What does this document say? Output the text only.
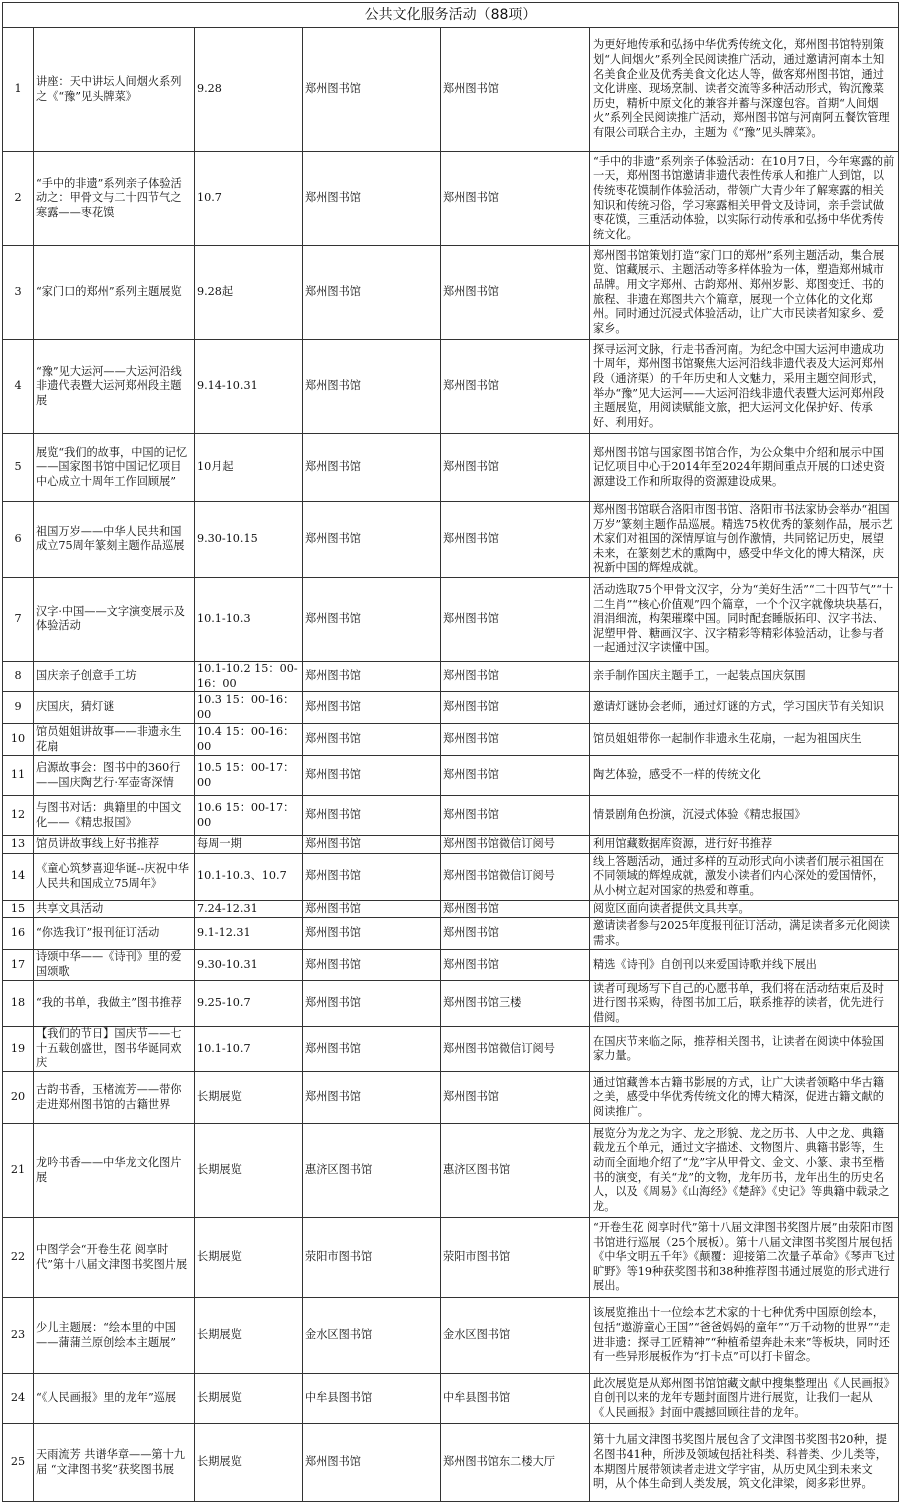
公共文化服务活动（88项）					
1	讲座：天中讲坛人间烟火系列之《“豫”见头牌菜》	9.28	郑州图书馆	郑州图书馆	为更好地传承和弘扬中华优秀传统文化，郑州图书馆特别策划“人间烟火”系列全民阅读推广活动，通过邀请河南本土知名美食企业及优秀美食文化达人等，做客郑州图书馆，通过文化讲座、现场烹制、读者交流等多种活动形式，钩沉豫菜历史，精析中原文化的兼容并蓄与深邃包容。首期“人间烟火”系列全民阅读推广活动，郑州图书馆与河南阿五餐饮管理有限公司联合主办，主题为《“豫”见头牌菜》。
2	“手中的非遗”系列亲子体验活动之：甲骨文与二十四节气之寒露——枣花馍	10.7	郑州图书馆	郑州图书馆	“手中的非遗”系列亲子体验活动：在10月7日，今年寒露的前一天，郑州图书馆邀请非遗代表性传承人和推广人到馆，以传统枣花馍制作体验活动，带领广大青少年了解寒露的相关知识和传统习俗，学习寒露相关甲骨文及诗词，亲手尝试做枣花馍，三重活动体验，以实际行动传承和弘扬中华优秀传统文化。
3	“家门口的郑州”系列主题展览	9.28起	郑州图书馆	郑州图书馆	郑州图书馆策划打造“家门口的郑州”系列主题活动，集合展览、馆藏展示、主题活动等多样体验为一体，塑造郑州城市品牌。用文字郑州、古韵郑州、郑州岁影、郑图变迁、书的旅程、非遗在郑图共六个篇章，展现一个立体化的文化郑州。同时通过沉浸式体验活动，让广大市民读者知家乡、爱家乡。
4	“豫”见大运河——大运河沿线非遗代表暨大运河郑州段主题展	9.14-10.31	郑州图书馆	郑州图书馆	探寻运河文脉，行走书香河南。为纪念中国大运河申遗成功十周年，郑州图书馆聚焦大运河沿线非遗代表及大运河郑州段（通济渠）的千年历史和人文魅力，采用主题空间形式，举办“豫”见大运河——大运河沿线非遗代表暨大运河郑州段主题展览，用阅读赋能文旅，把大运河文化保护好、传承好、利用好。
5	展览“我们的故事，中国的记忆——国家图书馆中国记忆项目中心成立十周年工作回顾展”	10月起	郑州图书馆	郑州图书馆	郑州图书馆与国家图书馆合作，为公众集中介绍和展示中国记忆项目中心于2014年至2024年期间重点开展的口述史资源建设工作和所取得的资源建设成果。
6	祖国万岁——中华人民共和国成立75周年篆刻主题作品巡展	9.30-10.15	郑州图书馆	郑州图书馆	郑州图书馆联合洛阳市图书馆、洛阳市书法家协会举办“祖国万岁”篆刻主题作品巡展。精选75枚优秀的篆刻作品，展示艺术家们对祖国的深情厚谊与创作激情，共同铭记历史，展望未来，在篆刻艺术的熏陶中，感受中华文化的博大精深，庆祝新中国的辉煌成就。
7	汉字·中国——文字演变展示及体验活动	10.1-10.3	郑州图书馆	郑州图书馆	活动选取75个甲骨文汉字，分为“美好生活”“二十四节气”“十二生肖”“核心价值观”四个篇章，一个个汉字就像块块基石，涓涓细流，构架璀璨中国。同时配套睡版拓印、汉字书法、泥塑甲骨、糖画汉字、汉字精彩等精彩体验活动，让参与者一起通过汉字读懂中国。
8	国庆亲子创意手工坊	10.1-10.2 15：00-16：00	郑州图书馆	郑州图书馆	亲手制作国庆主题手工，一起装点国庆氛围
9	庆国庆，猜灯谜	10.3 15：00-16：00	郑州图书馆	郑州图书馆	邀请灯谜协会老师，通过灯谜的方式，学习国庆节有关知识
10	馆员姐姐讲故事——非遗永生花扇	10.4 15：00-16：00	郑州图书馆	郑州图书馆	馆员姐姐带你一起制作非遗永生花扇，一起为祖国庆生
11	启源故事会：图书中的360行——国庆陶艺行·军壶寄深情	10.5 15：00-17：00	郑州图书馆	郑州图书馆	陶艺体验，感受不一样的传统文化
12	与图书对话：典籍里的中国文化——《精忠报国》	10.6 15：00-17：00	郑州图书馆	郑州图书馆	情景剧角色扮演，沉浸式体验《精忠报国》
13	馆员讲故事线上好书推荐	每周一期	郑州图书馆	郑州图书馆微信订阅号	利用馆藏数据库资源，进行好书推荐
14	《童心筑梦喜迎华诞--庆祝中华人民共和国成立75周年》	10.1-10.3、10.7	郑州图书馆	郑州图书馆微信订阅号	线上答题活动，通过多样的互动形式向小读者们展示祖国在不同领域的辉煌成就，激发小读者们内心深处的爱国情怀，从小树立起对国家的热爱和尊重。
15	共享文具活动	7.24-12.31	郑州图书馆	郑州图书馆	阅览区面向读者提供文具共享。
16	“你选我订”报刊征订活动	9.1-12.31	郑州图书馆	郑州图书馆	邀请读者参与2025年度报刊征订活动，满足读者多元化阅读需求。
17	诗颂中华——《诗刊》里的爱国颂歌	9.30-10.31	郑州图书馆	郑州图书馆	精选《诗刊》自创刊以来爱国诗歌并线下展出
18	“我的书单，我做主”图书推荐	9.25-10.7	郑州图书馆	郑州图书馆三楼	读者可现场写下自己的心愿书单，我们将在活动结束后及时进行图书采购，待图书加工后，联系推荐的读者，优先进行借阅。
19	【我们的节日】国庆节——七十五载创盛世，图书华诞同欢庆	10.1-10.7	郑州图书馆	郑州图书馆微信订阅号	在国庆节来临之际，推荐相关图书，让读者在阅读中体验国家力量。
20	古韵书香，玉楮流芳——带你走进郑州图书馆的古籍世界	长期展览	郑州图书馆	郑州图书馆	通过馆藏善本古籍书影展的方式，让广大读者领略中华古籍之美，感受中华优秀传统文化的博大精深，促进古籍文献的阅读推广。
21	龙吟书香——中华龙文化图片展	长期展览	惠济区图书馆	惠济区图书馆	展览分为龙之为字、龙之形貌、龙之历书、人中之龙、典籍载龙五个单元，通过文字描述、文物图片、典籍书影等，生动而全面地介绍了“龙”字从甲骨文、金文、小篆、隶书至楷书的演变，有关“龙”的文物，龙年历书，龙年出生的历史名人，以及《周易》《山海经》《楚辞》《史记》等典籍中载录之龙。
22	中图学会“开卷生花 阅享时代”第十八届文津图书奖图片展	长期展览	荥阳市图书馆	荥阳市图书馆	“开卷生花 阅享时代”第十八届文津图书奖图片展”由荥阳市图书馆进行巡展（25个展板）。第十八届文津图书奖图片展包括《中华文明五千年》《颠覆：迎接第二次量子革命》《琴声飞过旷野》等19种获奖图书和38种推荐图书通过展览的形式进行展出。
23	少儿主题展：“绘本里的中国——蒲蒲兰原创绘本主题展”	长期展览	金水区图书馆	金水区图书馆	该展览推出十一位绘本艺术家的十七种优秀中国原创绘本，包括“遨游童心王国”“爸爸妈妈的童年”“万千动物的世界”“走进非遗：探寻工匠精神”“种植希望奔赴未来”等板块，同时还有一些异形展板作为“打卡点”可以打卡留念。
24	“《人民画报》里的龙年”巡展	长期展览	中牟县图书馆	中牟县图书馆	此次展览是从郑州图书馆馆藏文献中搜集整理出《人民画报》自创刊以来的龙年专题封面图片进行展览，让我们一起从《人民画报》封面中震撼回顾往昔的龙年。
25	天雨流芳 共谱华章——第十九届 “文津图书奖”获奖图书展	长期展览	郑州图书馆	郑州图书馆东二楼大厅	第十九届文津图书奖图片展包含了文津图书奖图书20种，提名图书41种，所涉及领域包括社科类、科普类、少儿类等，本期图片展带领读者走进文学宇宙，从历史风尘到未来文明，从个体生命到人类发展，筑文化津梁，阅多彩世界。
